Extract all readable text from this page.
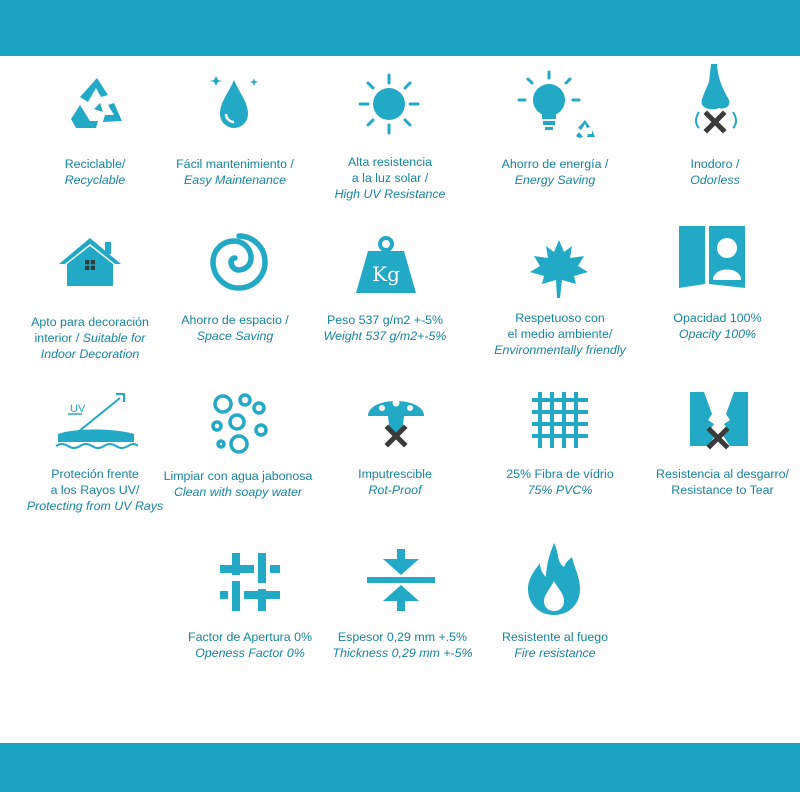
Reciclable/
Recyclable
Fácil mantenimiento /
Easy Maintenance
Alta resistencia
a la luz solar /
High UV Resistance
Ahorro de energía /
Energy Saving
Inodoro /
Odorless
Apto para decoración
interior / Suitable for
Indoor Decoration
Ahorro de espacio /
Space Saving
Kg
Peso 537 g/m2 +-5%
Weight 537 g/m2+-5%
Respetuoso con
el medio ambiente/
Environmentally friendly
Opacidad 100%
Opacity 100%
UV
Proteción frente
a los Rayos UV/
Protecting from UV Rays
Limpiar con agua jabonosa
Clean with soapy water
Imputrescible
Rot-Proof
25% Fibra de vídrio
75% PVC%
Resistencia al desgarro/
Resistance to Tear
Factor de Apertura 0%
Openess Factor 0%
Espesor 0,29 mm +.5%
Thickness 0,29 mm +-5%
Resistente al fuego
Fire resistance
